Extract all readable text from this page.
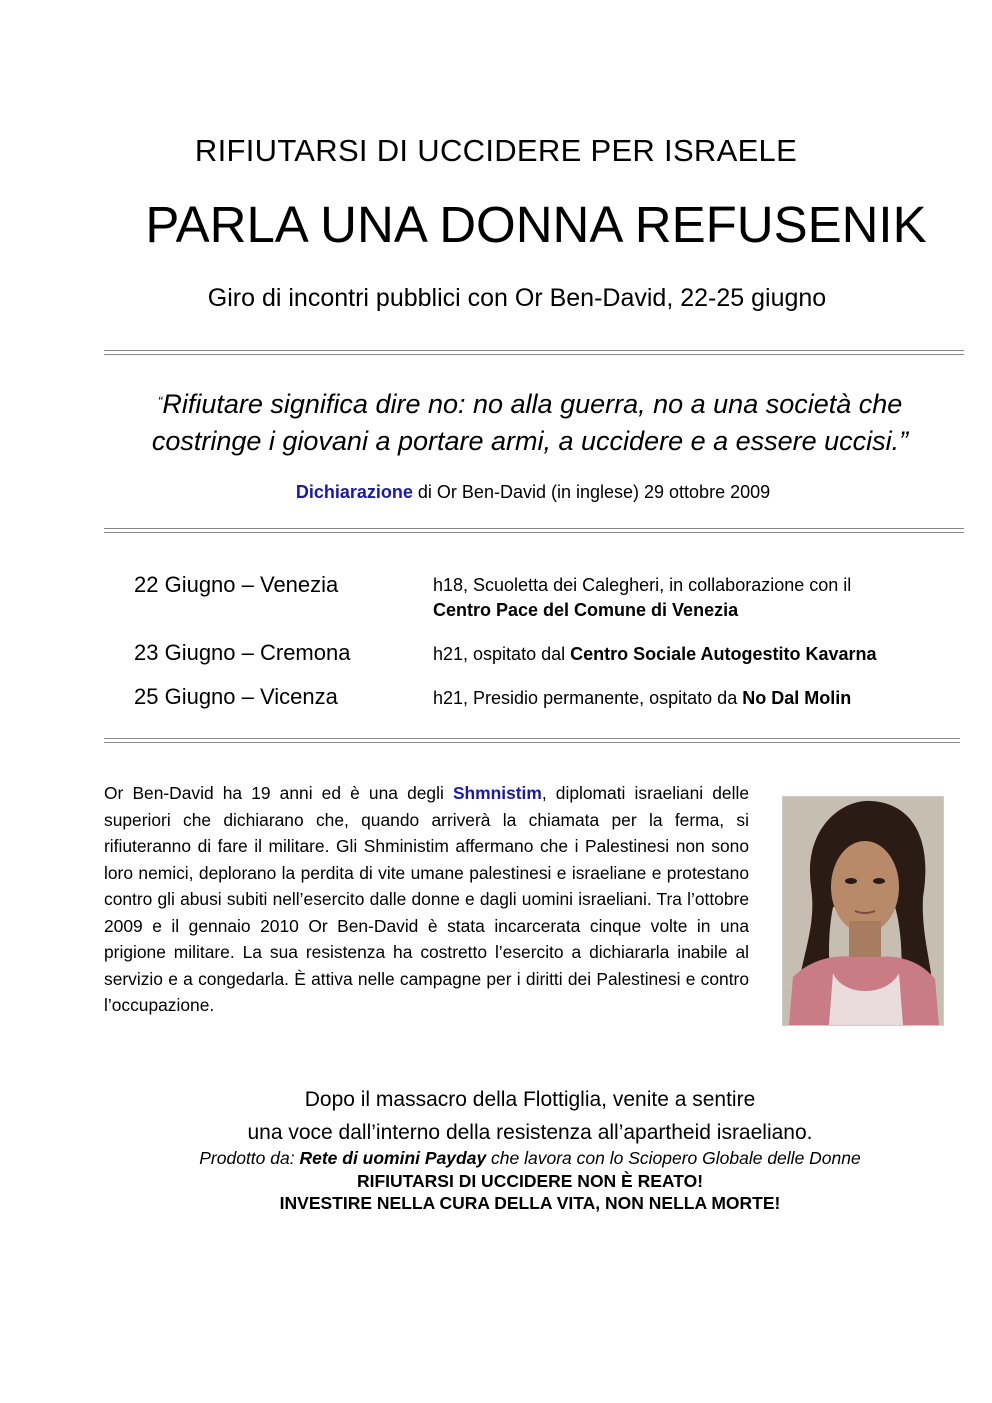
RIFIUTARSI DI UCCIDERE PER ISRAELE
PARLA UNA DONNA REFUSENIK
Giro di incontri pubblici con Or Ben-David, 22-25 giugno
“Rifiutare significa dire no: no alla guerra, no a una società che
costringe i giovani a portare armi, a uccidere e a essere uccisi.”
Dichiarazione di Or Ben-David (in inglese) 29 ottobre 2009
22 Giugno – Venezia	h18, Scuoletta dei Calegheri, in collaborazione con il
Centro Pace del Comune di Venezia
23 Giugno – Cremona	h21, ospitato dal Centro Sociale Autogestito Kavarna
25 Giugno – Vicenza	h21, Presidio permanente, ospitato da No Dal Molin
Or Ben-David ha 19 anni ed è una degli Shmnistim, diplomati israeliani delle superiori che dichiarano che, quando arriverà la chiamata per la ferma, si rifiuteranno di fare il militare. Gli Shministim affermano che i Palestinesi non sono loro nemici, deplorano la perdita di vite umane palestinesi e israeliane e protestano contro gli abusi subiti nell’esercito dalle donne e dagli uomini israeliani. Tra l’ottobre 2009 e il gennaio 2010 Or Ben-David è stata incarcerata cinque volte in una prigione militare. La sua resistenza ha costretto l’esercito a dichiararla inabile al servizio e a congedarla. È attiva nelle campagne per i diritti dei Palestinesi e contro l’occupazione.
Dopo il massacro della Flottiglia, venite a sentire
una voce dall’interno della resistenza all’apartheid israeliano.
Prodotto da: Rete di uomini Payday che lavora con lo Sciopero Globale delle Donne
RIFIUTARSI DI UCCIDERE NON È REATO!
INVESTIRE NELLA CURA DELLA VITA, NON NELLA MORTE!
